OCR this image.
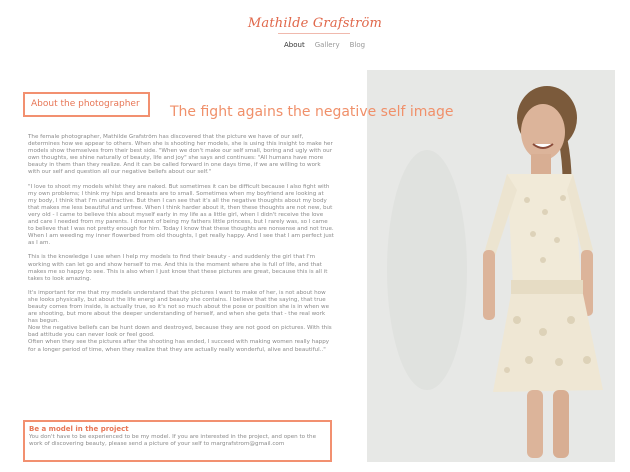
Mathilde Grafström
About Gallery Blog
About the photographer	The fight agains the negative self image

The female photographer, Mathilde Grafström has discovered that the picture we have of our self, determines how we appear to others. When she is shooting her models, she is using this insight to make her models show themselves from their best side. "When we don't make our self small, boring and ugly with our own thoughts, we shine naturally of beauty, life and joy" she says and continues: "All humans have more beauty in them than they realize. And it can be called forward in one days time, if we are willing to work with our self and question all our negative beliefs about our self."

"I love to shoot my models whilst they are naked. But sometimes it can be difficult because I also fight with my own problems; I think my hips and breasts are to small. Sometimes when my boyfriend are looking at my body, I think that I'm unattractive. But then I can see that it's all the negative thoughts about my body that makes me less beautiful and unfree. When I think harder about it, then these thoughts are not new, but very old - I came to believe this about myself early in my life as a little girl, when I didn't receive the love and care I needed from my parents. I dreamt of being my fathers little princess, but I rarely was, so I came to believe that I was not pretty enough for him. Today I know that these thoughts are nonsense and not true. When I am weeding my inner flowerbed from old thoughts, I get really happy. And I see that I am perfect just as I am.

This is the knowledge I use when I help my models to find their beauty - and suddenly the girl that I'm working with can let go and show herself to me. And this is the moment where she is full of life, and that makes me so happy to see. This is also when I just know that these pictures are great, because this is all it takes to look amazing.

It's important for me that my models understand that the pictures I want to make of her, is not about how she looks physically, but about the life energi and beauty she contains. I believe that the saying, that true beauty comes from inside, is actually true, so it's not so much about the pose or position she is in when we are shooting, but more about the deeper understanding of herself, and when she gets that - the real work has begun.

Now the negative beliefs can be hunt down and destroyed, because they are not good on pictures. With this bad attitude you can never look or feel good.

Often when they see the pictures after the shooting has ended, I succeed with making women really happy for a longer period of time, when they realize that they are actually really wonderful, alive and beautiful.."

Be a model in the project
You don't have to be experienced to be my model. If you are interested in the project, and open to the work of discovering beauty, please send a picture of your self to margrafstrom@gmail.com
